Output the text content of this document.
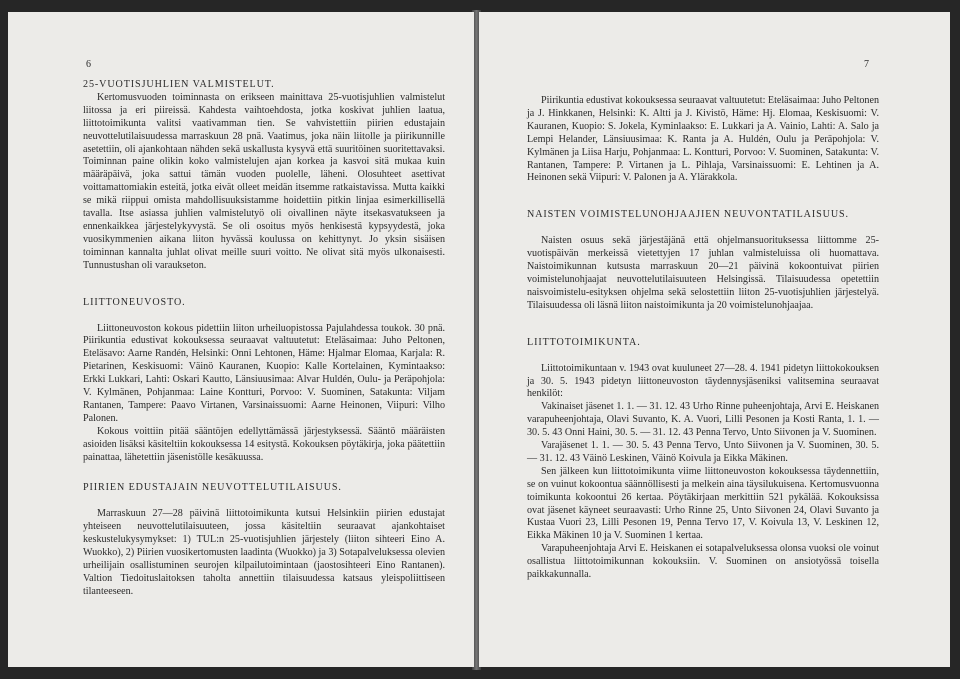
6
25-VUOTISJUHLIEN VALMISTELUT.

Kertomusvuoden toiminnasta on erikseen mainittava 25-vuotisjuhlien valmistelut liitossa ja eri piireissä. Kahdesta vaihtoehdosta, jotka koskivat juhlien laatua, liittotoimikunta valitsi vaativamman tien. Se vahvistettiin piirien edustajain neuvottelutilaisuudessa marraskuun 28 pnä. Vaatimus, joka näin liitolle ja piirikunnille asetettiin, oli ajankohtaan nähden sekä uskallusta kysyvä että suuritöinen suoritettavaksi. Toiminnan paine olikin koko valmistelujen ajan korkea ja kasvoi sitä mukaa kuin määräpäivä, joka sattui tämän vuoden puolelle, läheni. Olosuhteet asettivat voittamattomiakin esteitä, jotka eivät olleet meidän itsemme ratkaistavissa. Mutta kaikki se mikä riippui omista mahdollisuuksistamme hoidettiin pitkin linjaa esimerkillisellä tavalla. Itse asiassa juhlien valmistelutyö oli oivallinen näyte itsekasvatukseen ja ennenkaikkea järjestelykyvystä. Se oli osoitus myös henkisestä kypsyydestä, joka vuosikymmenien aikana liiton hyvässä koulussa on kehittynyt. Jo yksin sisäisen toiminnan kannalta juhlat olivat meille suuri voitto. Ne olivat sitä myös ulkonaisesti. Tunnustushan oli varaukseton.

LIITTONEUVOSTO.

Liittoneuvoston kokous pidettiin liiton urheiluopistossa Pajulahdessa toukok. 30 pnä. Piirikuntia edustivat kokouksessa seuraavat valtuutetut: Eteläsaimaa: Juho Peltonen, Eteläsavo: Aarne Randén, Helsinki: Onni Lehtonen, Häme: Hjalmar Elomaa, Karjala: R. Pietarinen, Keskisuomi: Väinö Kauranen, Kuopio: Kalle Kortelainen, Kymintaakso: Erkki Lukkari, Lahti: Oskari Kautto, Länsiuusimaa: Alvar Huldén, Oulu- ja Peräpohjola: V. Kylmänen, Pohjanmaa: Laine Kontturi, Porvoo: V. Suominen, Satakunta: Viljam Rantanen, Tampere: Paavo Virtanen, Varsinaissuomi: Aarne Heinonen, Viipuri: Vilho Palonen.

Kokous voittiin pitää sääntöjen edellyttämässä järjestyksessä. Sääntö määräisten asioiden lisäksi käsiteltiin kokouksessa 14 esitystä. Kokouksen pöytäkirja, joka päätettiin painattaa, lähetettiin jäsenistölle kesäkuussa.

PIIRIEN EDUSTAJAIN NEUVOTTELUTILAISUUS.

Marraskuun 27—28 päivinä liittotoimikunta kutsui Helsinkiin piirien edustajat yhteiseen neuvottelutilaisuuteen, jossa käsiteltiin seuraavat ajankohtaiset keskustelukysymykset: 1) TUL:n 25-vuotisjuhlien järjestely (liiton sihteeri Eino A. Wuokko), 2) Piirien vuosikertomusten laadinta (Wuokko) ja 3) Sotapalveluksessa olevien urheilijain osallistuminen seurojen kilpailutoimintaan (jaostosihteeri Eino Rantanen). Valtion Tiedoituslaitoksen taholta annettiin tilaisuudessa katsaus yleispoliittiseen tilanteeseen.

7

Piirikuntia edustivat kokouksessa seuraavat valtuutetut: Eteläsaimaa: Juho Peltonen ja J. Hinkkanen, Helsinki: K. Altti ja J. Kivistö, Häme: Hj. Elomaa, Keskisuomi: V. Kauranen, Kuopio: S. Jokela, Kyminlaakso: E. Lukkari ja A. Vainio, Lahti: A. Salo ja Lempi Helander, Länsiuusimaa: K. Ranta ja A. Huldén, Oulu ja Peräpohjola: V. Kylmänen ja Liisa Harju, Pohjanmaa: L. Kontturi, Porvoo: V. Suominen, Satakunta: V. Rantanen, Tampere: P. Virtanen ja L. Pihlaja, Varsinaissuomi: E. Lehtinen ja A. Heinonen sekä Viipuri: V. Palonen ja A. Ylärakkola.

NAISTEN VOIMISTELUNOHJAAJIEN NEUVONTATILAISUUS.

Naisten osuus sekä järjestäjänä että ohjelmansuorituksessa liittomme 25-vuotispäivän merkeissä vietettyjen 17 juhlan valmisteluissa oli huomattava. Naistoimikunnan kutsusta marraskuun 20—21 päivinä kokoontuivat piirien voimistelunohjaajat neuvottelutilaisuuteen Helsingissä. Tilaisuudessa opetettiin naisvoimistelu-esityksen ohjelma sekä selostettiin liiton 25-vuotisjuhlien järjestelyä. Tilaisuudessa oli läsnä liiton naistoimikunta ja 20 voimistelunohjaajaa.

LIITTOTOIMIKUNTA.

Liittotoimikuntaan v. 1943 ovat kuuluneet 27—28. 4. 1941 pidetyn liittokokouksen ja 30. 5. 1943 pidetyn liittoneuvoston täydennysjäseniksi valitsemina seuraavat henkilöt:

Vakinaiset jäsenet 1. 1. — 31. 12. 43 Urho Rinne puheenjohtaja, Arvi E. Heiskanen varapuheenjohtaja, Olavi Suvanto, K. A. Vuori, Lilli Pesonen ja Kosti Ranta, 1. 1. — 30. 5. 43 Onni Haini, 30. 5. — 31. 12. 43 Penna Tervo, Unto Siivonen ja V. Suominen.

Varajäsenet 1. 1. — 30. 5. 43 Penna Tervo, Unto Siivonen ja V. Suominen, 30. 5. — 31. 12. 43 Väinö Leskinen, Väinö Koivula ja Eikka Mäkinen.

Sen jälkeen kun liittotoimikunta viime liittoneuvoston kokouksessa täydennettiin, se on vuinut kokoontua säännöllisesti ja melkein aina täysilukuisena. Kertomusvuonna toimikunta kokoontui 26 kertaa. Pöytäkirjaan merkittiin 521 pykälää. Kokouksissa ovat jäsenet käyneet seuraavasti: Urho Rinne 25, Unto Siivonen 24, Olavi Suvanto ja Kustaa Vuori 23, Lilli Pesonen 19, Penna Tervo 17, V. Koivula 13, V. Leskinen 12, Eikka Mäkinen 10 ja V. Suominen 1 kertaa.

Varapuheenjohtaja Arvi E. Heiskanen ei sotapalveluksessa olonsa vuoksi ole voinut osallistua liittotoimikunnan kokouksiin. V. Suominen on ansiotyössä toisella paikkakunnalla.
